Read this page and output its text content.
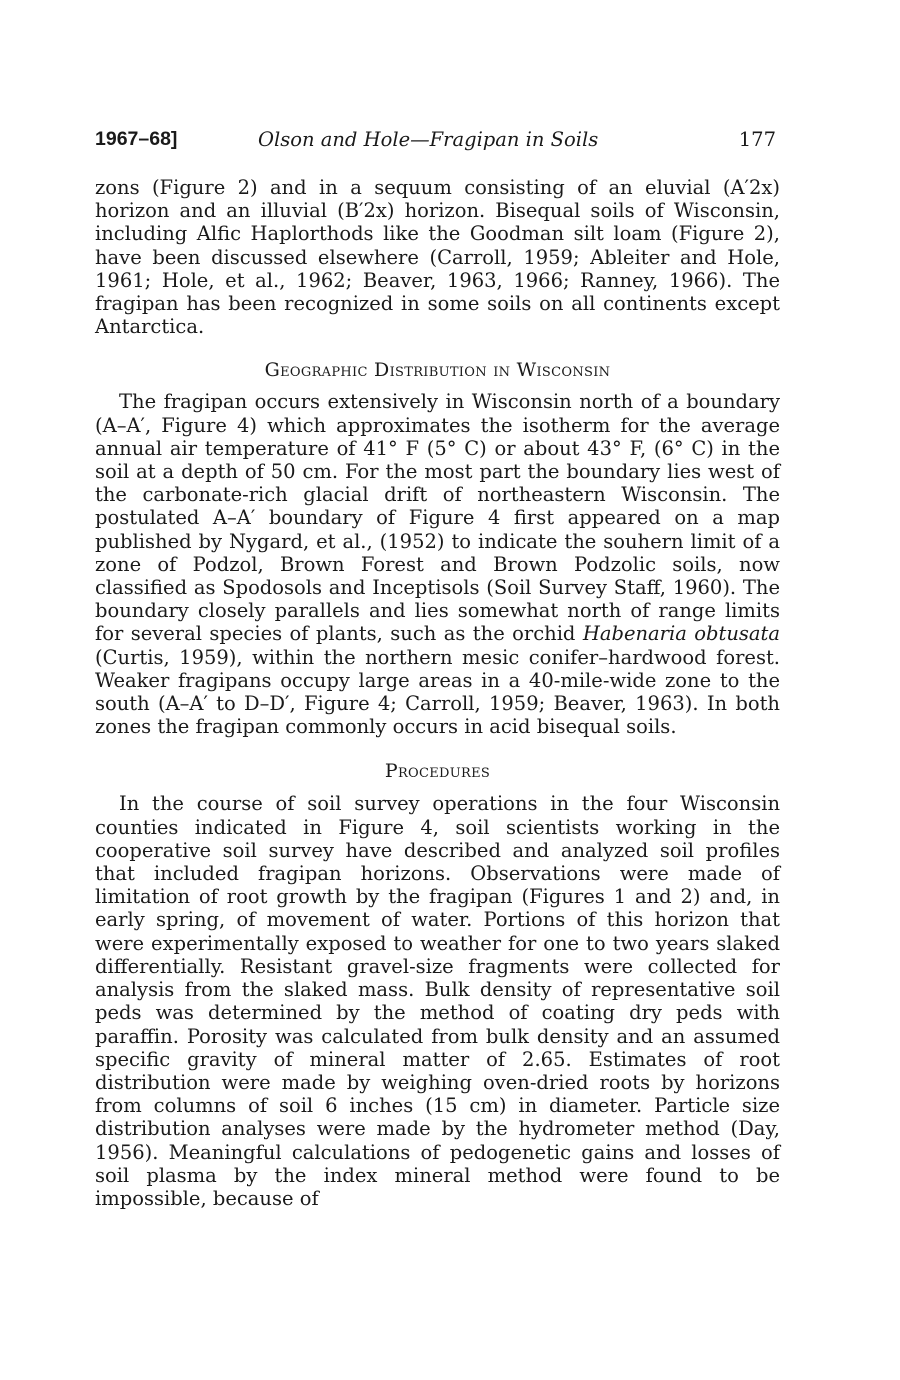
1967–68]	Olson and Hole—Fragipan in Soils	177

zons (Figure 2) and in a sequum consisting of an eluvial (A′2x) horizon and an illuvial (B′2x) horizon. Bisequal soils of Wisconsin, including Alfic Haplorthods like the Goodman silt loam (Figure 2), have been discussed elsewhere (Carroll, 1959; Ableiter and Hole, 1961; Hole, et al., 1962; Beaver, 1963, 1966; Ranney, 1966). The fragipan has been recognized in some soils on all continents except Antarctica.

Geographic Distribution in Wisconsin

The fragipan occurs extensively in Wisconsin north of a boundary (A–A′, Figure 4) which approximates the isotherm for the average annual air temperature of 41° F (5° C) or about 43° F, (6° C) in the soil at a depth of 50 cm. For the most part the boundary lies west of the carbonate-rich glacial drift of northeastern Wisconsin. The postulated A–A′ boundary of Figure 4 first appeared on a map published by Nygard, et al., (1952) to indicate the souhern limit of a zone of Podzol, Brown Forest and Brown Podzolic soils, now classified as Spodosols and Inceptisols (Soil Survey Staff, 1960). The boundary closely parallels and lies somewhat north of range limits for several species of plants, such as the orchid Habenaria obtusata (Curtis, 1959), within the northern mesic conifer–hardwood forest. Weaker fragipans occupy large areas in a 40-mile-wide zone to the south (A–A′ to D–D′, Figure 4; Carroll, 1959; Beaver, 1963). In both zones the fragipan commonly occurs in acid bisequal soils.

Procedures

In the course of soil survey operations in the four Wisconsin counties indicated in Figure 4, soil scientists working in the cooperative soil survey have described and analyzed soil profiles that included fragipan horizons. Observations were made of limitation of root growth by the fragipan (Figures 1 and 2) and, in early spring, of movement of water. Portions of this horizon that were experimentally exposed to weather for one to two years slaked differentially. Resistant gravel-size fragments were collected for analysis from the slaked mass. Bulk density of representative soil peds was determined by the method of coating dry peds with paraffin. Porosity was calculated from bulk density and an assumed specific gravity of mineral matter of 2.65. Estimates of root distribution were made by weighing oven-dried roots by horizons from columns of soil 6 inches (15 cm) in diameter. Particle size distribution analyses were made by the hydrometer method (Day, 1956). Meaningful calculations of pedogenetic gains and losses of soil plasma by the index mineral method were found to be impossible, because of
